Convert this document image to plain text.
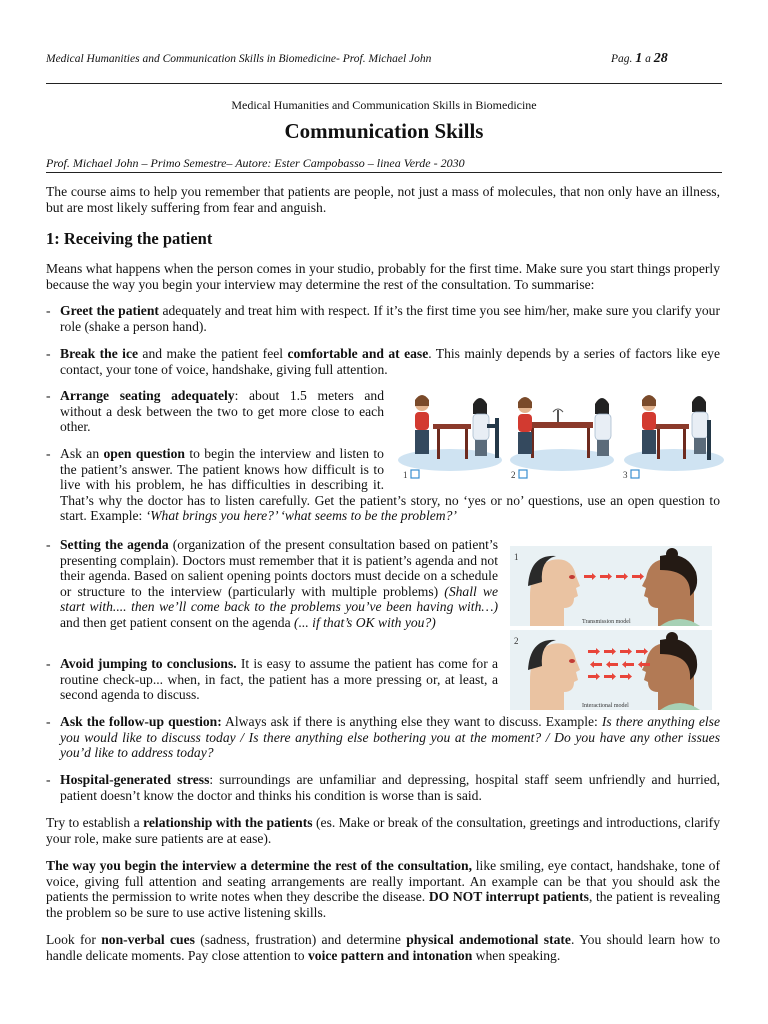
Medical Humanities and Communication Skills in Biomedicine- Prof. Michael John	Pag. 1 a 28
Medical Humanities and Communication Skills in Biomedicine
Communication Skills
Prof. Michael John – Primo Semestre– Autore: Ester Campobasso – linea Verde - 2030

The course aims to help you remember that patients are people, not just a mass of molecules, that non only have an illness, but are most likely suffering from fear and anguish.

1: Receiving the patient

Means what happens when the person comes in your studio, probably for the first time. Make sure you start things properly because the way you begin your interview may determine the rest of the consultation. To summarise:

- Greet the patient adequately and treat him with respect. If it’s the first time you see him/her, make sure you clarify your role (shake a person hand).
- Break the ice and make the patient feel comfortable and at ease. This mainly depends by a series of factors like eye contact, your tone of voice, handshake, giving full attention.
- Arrange seating adequately: about 1.5 meters and without a desk between the two to get more close to each other.
- Ask an open question to begin the interview and listen to the patient’s answer. The patient knows how difficult is to live with his problem, he has difficulties in describing it. That’s why the doctor has to listen carefully. Get the patient’s story, no ‘yes or no’ questions, use an open question to start. Example: ‘What brings you here?’ ‘what seems to be the problem?’
1	2	3
- Setting the agenda (organization of the present consultation based on patient’s presenting complain). Doctors must remember that it is patient’s agenda and not their agenda. Based on salient opening points doctors must decide on a schedule or structure to the interview (particularly with multiple problems) (Shall we start with.... then we’ll come back to the problems you’ve been having with…) and then get patient consent on the agenda (... if that’s OK with you?)
- Avoid jumping to conclusions. It is easy to assume the patient has come for a routine check-up... when, in fact, the patient has a more pressing or, at least, a second agenda to discuss.
1
Transmission model
2
Interactional model
- Ask the follow-up question: Always ask if there is anything else they want to discuss. Example: Is there anything else you would like to discuss today / Is there anything else bothering you at the moment? / Do you have any other issues you’d like to address today?
- Hospital-generated stress: surroundings are unfamiliar and depressing, hospital staff seem unfriendly and hurried, patient doesn’t know the doctor and thinks his condition is worse than is said.

Try to establish a relationship with the patients (es. Make or break of the consultation, greetings and introductions, clarify your role, make sure patients are at ease).

The way you begin the interview a determine the rest of the consultation, like smiling, eye contact, handshake, tone of voice, giving full attention and seating arrangements are really important. An example can be that you should ask the patients the permission to write notes when they describe the disease. DO NOT interrupt patients, the patient is revealing the problem so be sure to use active listening skills.

Look for non-verbal cues (sadness, frustration) and determine physical andemotional state. You should learn how to handle delicate moments. Pay close attention to voice pattern and intonation when speaking.
